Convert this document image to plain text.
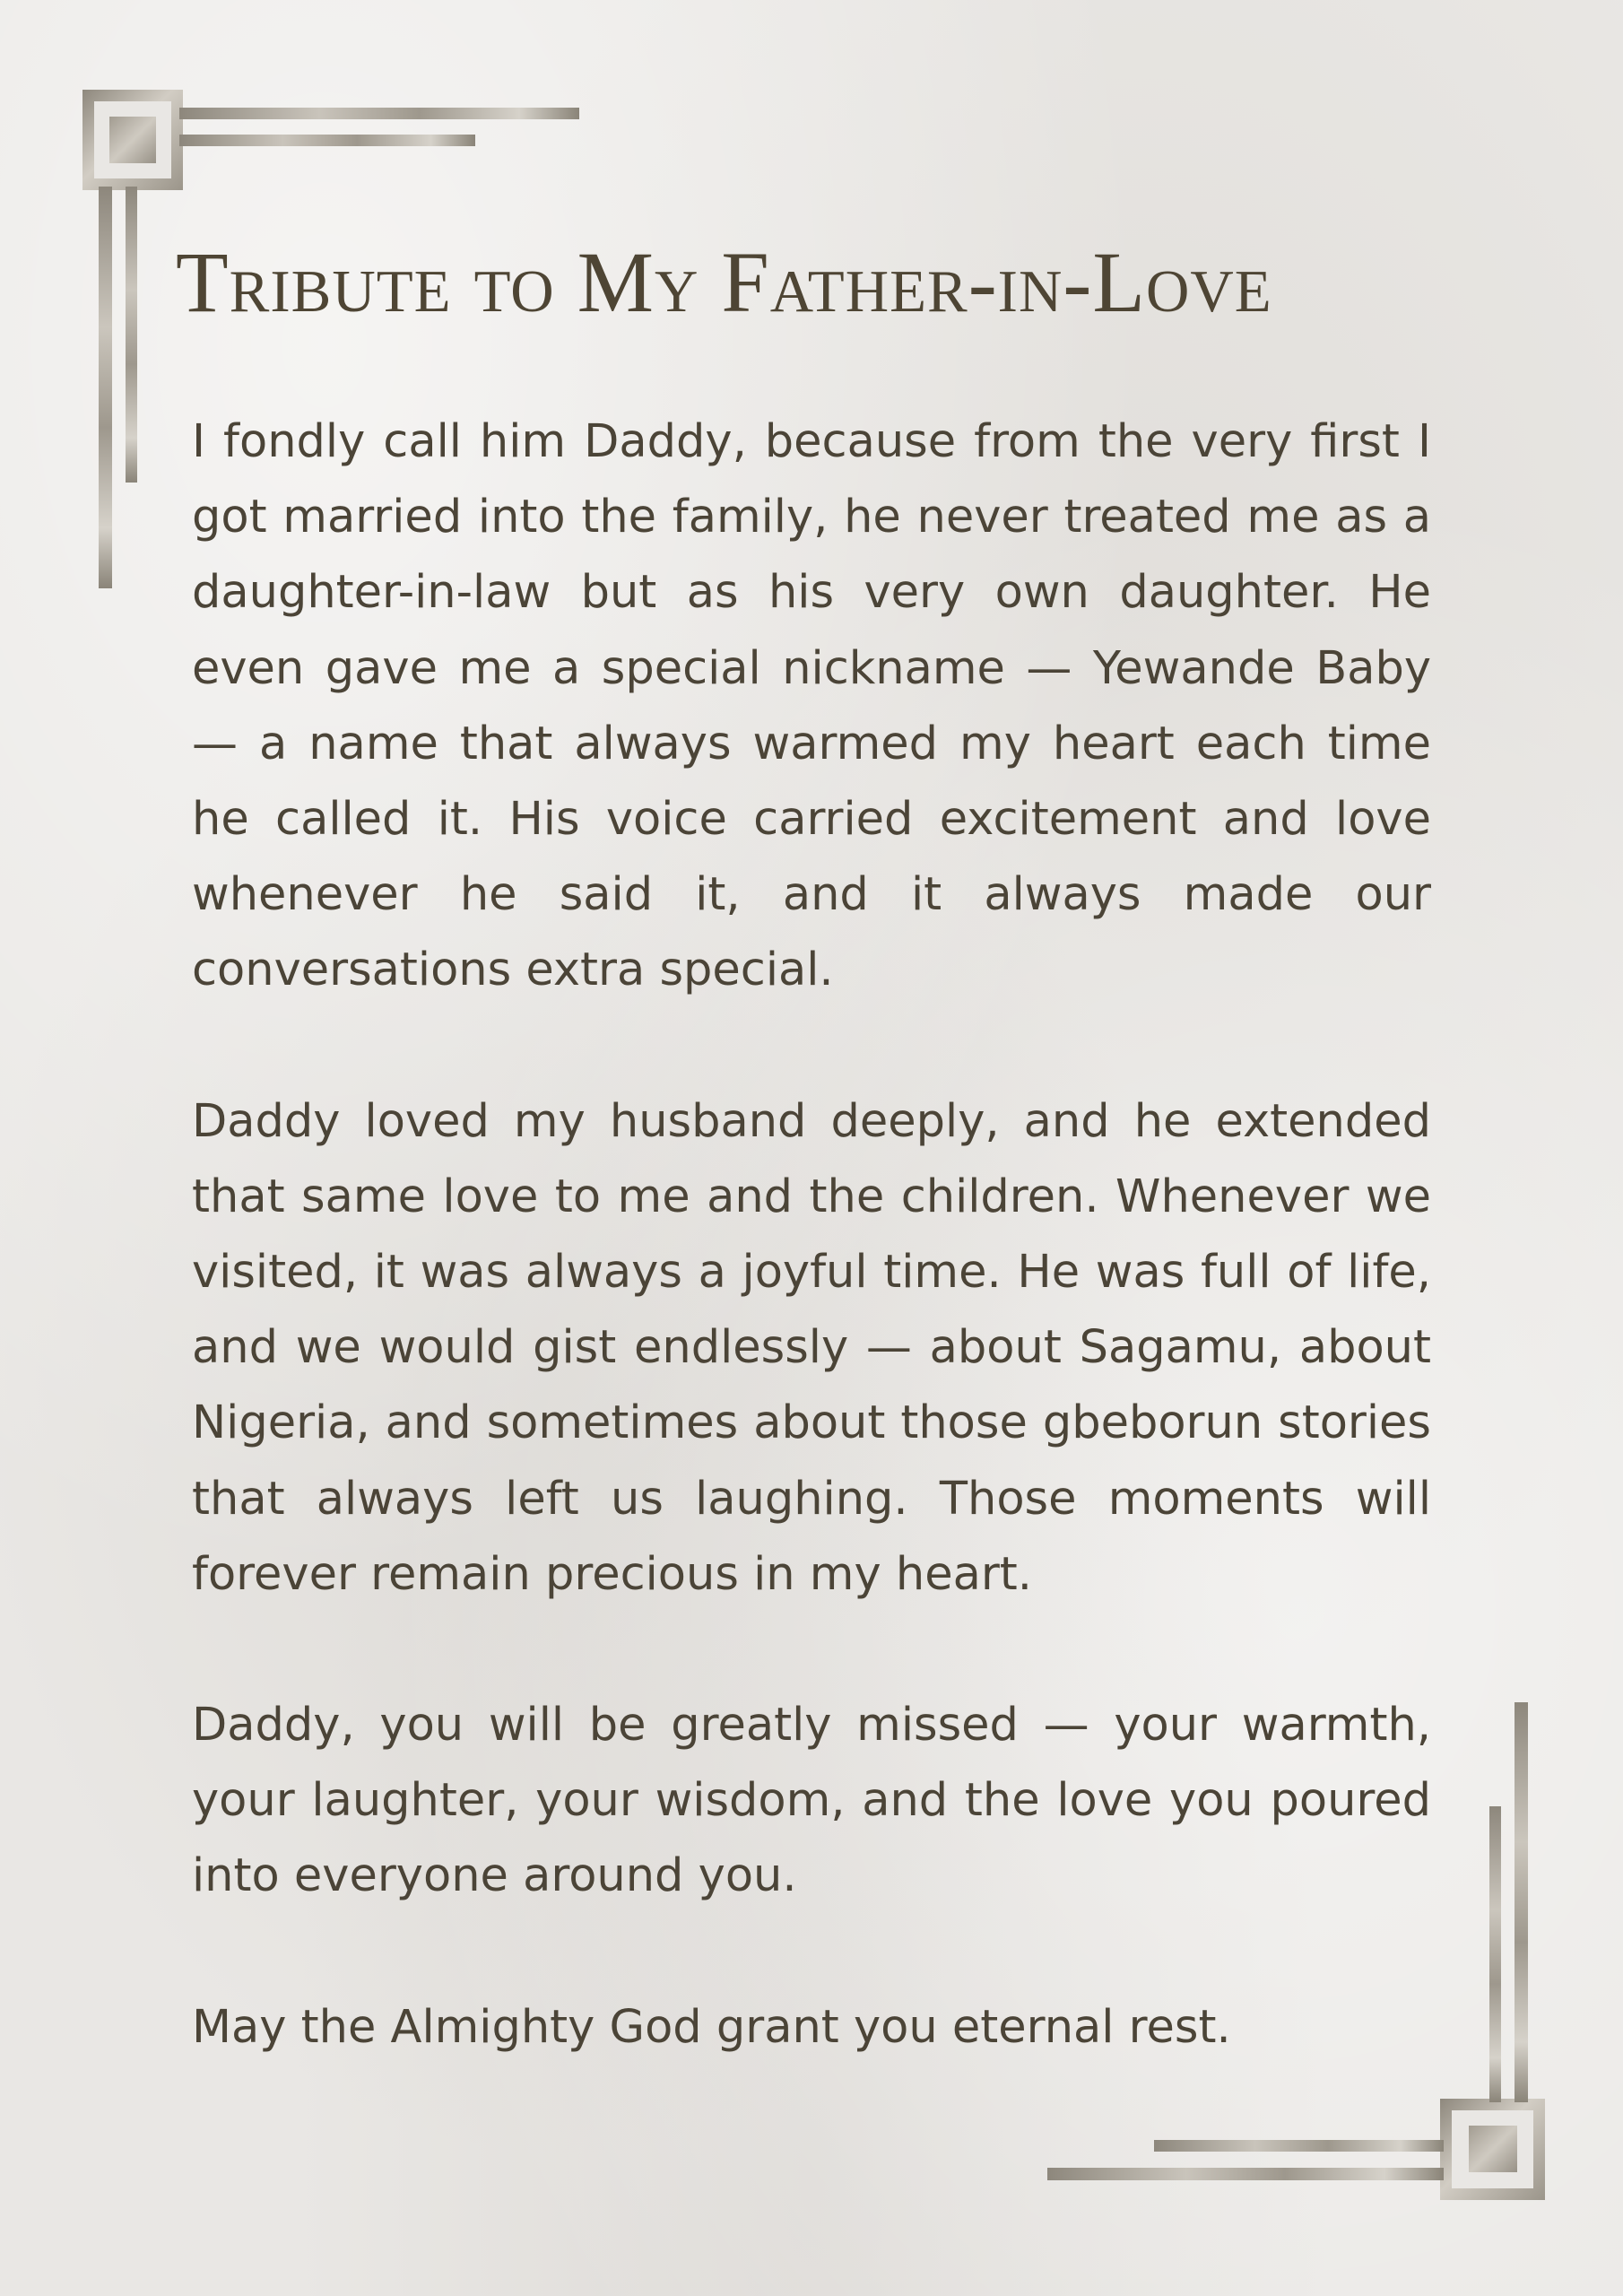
Tribute to My Father-in-Love

I fondly call him Daddy, because from the very first I got married into the family, he never treated me as a daughter-in-law but as his very own daughter. He even gave me a special nickname — Yewande Baby — a name that always warmed my heart each time he called it. His voice carried excitement and love whenever he said it, and it always made our conversations extra special.

Daddy loved my husband deeply, and he extended that same love to me and the children. Whenever we visited, it was always a joyful time. He was full of life, and we would gist endlessly — about Sagamu, about Nigeria, and sometimes about those gbeborun stories that always left us laughing. Those moments will forever remain precious in my heart.

Daddy, you will be greatly missed — your warmth, your laughter, your wisdom, and the love you poured into everyone around you.

May the Almighty God grant you eternal rest.
